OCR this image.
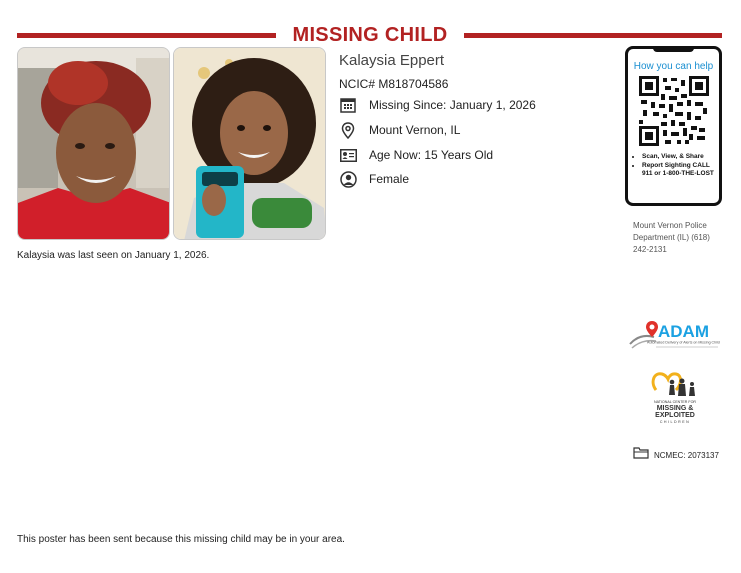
MISSING CHILD
Kalaysia Eppert
NCIC# M818704586
Missing Since: January 1, 2026
Mount Vernon, IL
Age Now: 15 Years Old
Female
Kalaysia was last seen on January 1, 2026.
How you can help
• Scan, View, & Share
• Report Sighting CALL 911 or 1-800-THE-LOST
Mount Vernon Police Department (IL) (618) 242-2131
ADAM
Automated Delivery of Alerts on Missing Children
NATIONAL CENTER FOR
MISSING &
EXPLOITED
CHILDREN
NCMEC: 2073137
This poster has been sent because this missing child may be in your area.
